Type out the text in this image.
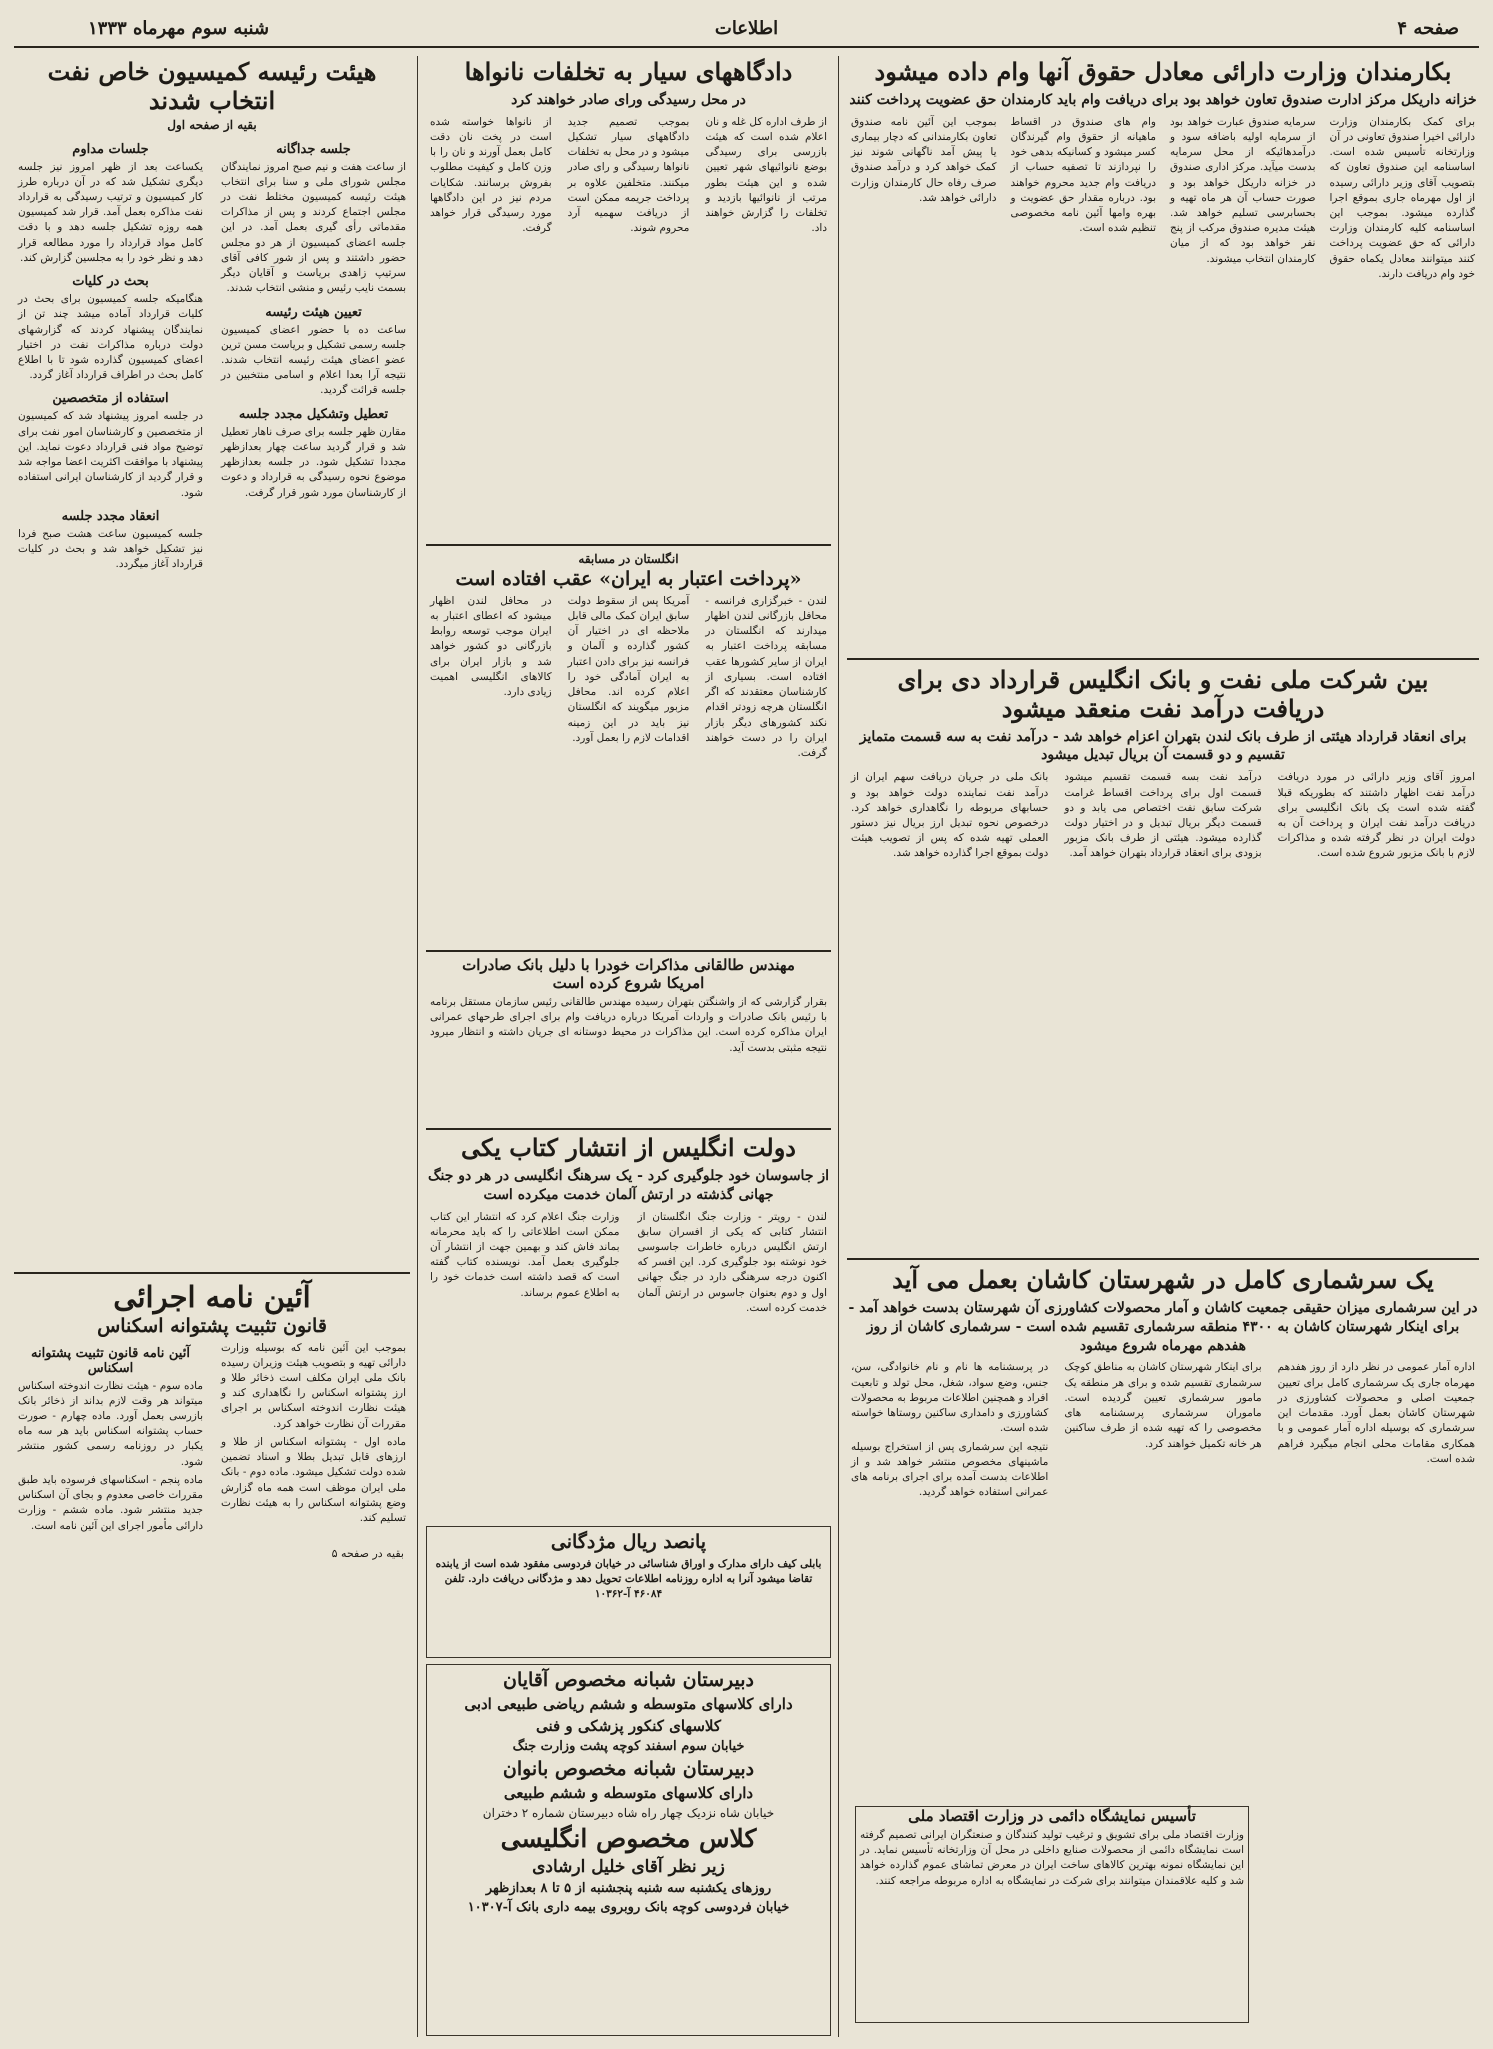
صفحه ۴
اطلاعات
شنبه سوم مهرماه ۱۳۳۳

بکارمندان وزارت دارائی معادل حقوق آنها وام داده میشود

خزانه داریکل مرکز ادارت صندوق تعاون خواهد بود برای دریافت وام باید کارمندان حق عضویت پرداخت کنند

برای کمک بکارمندان وزارت دارائی اخیرا صندوق تعاونی در آن وزارتخانه تأسیس شده است. اساسنامه این صندوق تعاون که بتصویب آقای وزیر دارائی رسیده از اول مهرماه جاری بموقع اجرا گذارده میشود. بموجب این اساسنامه کلیه کارمندان وزارت دارائی که حق عضویت پرداخت کنند میتوانند معادل یکماه حقوق خود وام دریافت دارند.

سرمایه صندوق عبارت خواهد بود از سرمایه اولیه باضافه سود و درآمدهائیکه از محل سرمایه بدست میآید. مرکز اداری صندوق در خزانه داریکل خواهد بود و صورت حساب آن هر ماه تهیه و بحسابرسی تسلیم خواهد شد. هیئت مدیره صندوق مرکب از پنج نفر خواهد بود که از میان کارمندان انتخاب میشوند.

وام های صندوق در اقساط ماهیانه از حقوق وام گیرندگان کسر میشود و کسانیکه بدهی خود را نپردازند تا تصفیه حساب از دریافت وام جدید محروم خواهند بود. درباره مقدار حق عضویت و بهره وامها آئین نامه مخصوصی تنظیم شده است.

بموجب این آئین نامه صندوق تعاون بکارمندانی که دچار بیماری یا پیش آمد ناگهانی شوند نیز کمک خواهد کرد و درآمد صندوق صرف رفاه حال کارمندان وزارت دارائی خواهد شد.

بین شرکت ملی نفت و بانک انگلیس قرارداد دی برای

دریافت درآمد نفت منعقد میشود

برای انعقاد قرارداد هیئتی از طرف بانک لندن بتهران اعزام خواهد شد - درآمد نفت به سه قسمت متمایز تقسیم و دو قسمت آن بریال تبدیل میشود

امروز آقای وزیر دارائی در مورد دریافت درآمد نفت اظهار داشتند که بطوریکه قبلا گفته شده است یک بانک انگلیسی برای دریافت درآمد نفت ایران و پرداخت آن به دولت ایران در نظر گرفته شده و مذاکرات لازم با بانک مزبور شروع شده است.

درآمد نفت بسه قسمت تقسیم میشود قسمت اول برای پرداخت اقساط غرامت شرکت سابق نفت اختصاص می یابد و دو قسمت دیگر بریال تبدیل و در اختیار دولت گذارده میشود. هیئتی از طرف بانک مزبور بزودی برای انعقاد قرارداد بتهران خواهد آمد.

بانک ملی در جریان دریافت سهم ایران از درآمد نفت نماینده دولت خواهد بود و حسابهای مربوطه را نگاهداری خواهد کرد. درخصوص نحوه تبدیل ارز بریال نیز دستور العملی تهیه شده که پس از تصویب هیئت دولت بموقع اجرا گذارده خواهد شد.

یک سرشماری کامل در شهرستان کاشان بعمل می آید

در این سرشماری میزان حقیقی جمعیت کاشان و آمار محصولات کشاورزی آن شهرستان بدست خواهد آمد - برای اینکار شهرستان کاشان به ۴۳۰۰ منطقه سرشماری تقسیم شده است - سرشماری کاشان از روز هفدهم مهرماه شروع میشود

اداره آمار عمومی در نظر دارد از روز هفدهم مهرماه جاری یک سرشماری کامل برای تعیین جمعیت اصلی و محصولات کشاورزی در شهرستان کاشان بعمل آورد. مقدمات این سرشماری که بوسیله اداره آمار عمومی و با همکاری مقامات محلی انجام میگیرد فراهم شده است.

برای اینکار شهرستان کاشان به مناطق کوچک سرشماری تقسیم شده و برای هر منطقه یک مامور سرشماری تعیین گردیده است. ماموران سرشماری پرسشنامه های مخصوصی را که تهیه شده از طرف ساکنین هر خانه تکمیل خواهند کرد.

در پرسشنامه ها نام و نام خانوادگی، سن، جنس، وضع سواد، شغل، محل تولد و تابعیت افراد و همچنین اطلاعات مربوط به محصولات کشاورزی و دامداری ساکنین روستاها خواسته شده است.

نتیجه این سرشماری پس از استخراج بوسیله ماشینهای مخصوص منتشر خواهد شد و از اطلاعات بدست آمده برای اجرای برنامه های عمرانی استفاده خواهد گردید.

تأسیس نمایشگاه دائمی در وزارت اقتصاد ملی

وزارت اقتصاد ملی برای تشویق و ترغیب تولید کنندگان و صنعتگران ایرانی تصمیم گرفته است نمایشگاه دائمی از محصولات صنایع داخلی در محل آن وزارتخانه تأسیس نماید. در این نمایشگاه نمونه بهترین کالاهای ساخت ایران در معرض تماشای عموم گذارده خواهد شد و کلیه علاقمندان میتوانند برای شرکت در نمایشگاه به اداره مربوطه مراجعه کنند.

دادگاههای سیار به تخلفات نانواها

در محل رسیدگی ورای صادر خواهند کرد

از طرف اداره کل غله و نان اعلام شده است که هیئت بازرسی برای رسیدگی بوضع نانوائیهای شهر تعیین شده و این هیئت بطور مرتب از نانوائیها بازدید و تخلفات را گزارش خواهند داد.

بموجب تصمیم جدید دادگاههای سیار تشکیل میشود و در محل به تخلفات نانواها رسیدگی و رای صادر میکنند. متخلفین علاوه بر پرداخت جریمه ممکن است از دریافت سهمیه آرد محروم شوند.

از نانواها خواسته شده است در پخت نان دقت کامل بعمل آورند و نان را با وزن کامل و کیفیت مطلوب بفروش برسانند. شکایات مردم نیز در این دادگاهها مورد رسیدگی قرار خواهد گرفت.

انگلستان در مسابقه

«پرداخت اعتبار به ایران» عقب افتاده است

لندن - خبرگزاری فرانسه - محافل بازرگانی لندن اظهار میدارند که انگلستان در مسابقه پرداخت اعتبار به ایران از سایر کشورها عقب افتاده است. بسیاری از کارشناسان معتقدند که اگر انگلستان هرچه زودتر اقدام نکند کشورهای دیگر بازار ایران را در دست خواهند گرفت.

آمریکا پس از سقوط دولت سابق ایران کمک مالی قابل ملاحظه ای در اختیار آن کشور گذارده و آلمان و فرانسه نیز برای دادن اعتبار به ایران آمادگی خود را اعلام کرده اند. محافل مزبور میگویند که انگلستان نیز باید در این زمینه اقدامات لازم را بعمل آورد.

در محافل لندن اظهار میشود که اعطای اعتبار به ایران موجب توسعه روابط بازرگانی دو کشور خواهد شد و بازار ایران برای کالاهای انگلیسی اهمیت زیادی دارد.

مهندس طالقانی مذاکرات خودرا با دلیل بانک صادرات

امریکا شروع کرده است

بقرار گزارشی که از واشنگتن بتهران رسیده مهندس طالقانی رئیس سازمان مستقل برنامه با رئیس بانک صادرات و واردات آمریکا درباره دریافت وام برای اجرای طرحهای عمرانی ایران مذاکره کرده است. این مذاکرات در محیط دوستانه ای جریان داشته و انتظار میرود نتیجه مثبتی بدست آید.

دولت انگلیس از انتشار کتاب یکی

از جاسوسان خود جلوگیری کرد - یک سرهنگ انگلیسی در هر دو جنگ جهانی گذشته در ارتش آلمان خدمت میکرده است

لندن - رویتر - وزارت جنگ انگلستان از انتشار کتابی که یکی از افسران سابق ارتش انگلیس درباره خاطرات جاسوسی خود نوشته بود جلوگیری کرد. این افسر که اکنون درجه سرهنگی دارد در جنگ جهانی اول و دوم بعنوان جاسوس در ارتش آلمان خدمت کرده است.

وزارت جنگ اعلام کرد که انتشار این کتاب ممکن است اطلاعاتی را که باید محرمانه بماند فاش کند و بهمین جهت از انتشار آن جلوگیری بعمل آمد. نویسنده کتاب گفته است که قصد داشته است خدمات خود را به اطلاع عموم برساند.

پانصد ریال مژدگانی

بابلی کیف دارای مدارک و اوراق شناسائی در خیابان فردوسی مفقود شده است از یابنده تقاضا میشود آنرا به اداره روزنامه اطلاعات تحویل دهد و مژدگانی دریافت دارد. تلفن ۴۶۰۸۴ آ-۱۰۳۶۲

دبیرستان شبانه مخصوص آقایان

دارای کلاسهای متوسطه و ششم ریاضی طبیعی ادبی

کلاسهای کنکور پزشکی و فنی

خیابان سوم اسفند کوچه پشت وزارت جنگ

دبیرستان شبانه مخصوص بانوان

دارای کلاسهای متوسطه و ششم طبیعی

خیابان شاه نزدیک چهار راه شاه دبیرستان شماره ۲ دختران

کلاس مخصوص انگلیسی

زیر نظر آقای خلیل ارشادی

روزهای یکشنبه سه شنبه پنجشنبه از ۵ تا ۸ بعدازظهر

خیابان فردوسی کوچه بانک روبروی بیمه داری بانک آ-۱۰۳۰۷

هیئت رئیسه کمیسیون خاص نفت انتخاب شدند

بقیه از صفحه اول

جلسه جداگانه

از ساعت هفت و نیم صبح امروز نمایندگان مجلس شورای ملی و سنا برای انتخاب هیئت رئیسه کمیسیون مختلط نفت در مجلس اجتماع کردند و پس از مذاکرات مقدماتی رأی گیری بعمل آمد. در این جلسه اعضای کمیسیون از هر دو مجلس حضور داشتند و پس از شور کافی آقای سرتیپ زاهدی بریاست و آقایان دیگر بسمت نایب رئیس و منشی انتخاب شدند.

تعیین هیئت رئیسه

ساعت ده با حضور اعضای کمیسیون جلسه رسمی تشکیل و بریاست مسن ترین عضو اعضای هیئت رئیسه انتخاب شدند. نتیجه آرا بعدا اعلام و اسامی منتخبین در جلسه قرائت گردید.

تعطیل وتشکیل مجدد جلسه

مقارن ظهر جلسه برای صرف ناهار تعطیل شد و قرار گردید ساعت چهار بعدازظهر مجددا تشکیل شود. در جلسه بعدازظهر موضوع نحوه رسیدگی به قرارداد و دعوت از کارشناسان مورد شور قرار گرفت.

جلسات مداوم

یکساعت بعد از ظهر امروز نیز جلسه دیگری تشکیل شد که در آن درباره طرز کار کمیسیون و ترتیب رسیدگی به قرارداد نفت مذاکره بعمل آمد. قرار شد کمیسیون همه روزه تشکیل جلسه دهد و با دقت کامل مواد قرارداد را مورد مطالعه قرار دهد و نظر خود را به مجلسین گزارش کند.

بحث در کلیات

هنگامیکه جلسه کمیسیون برای بحث در کلیات قرارداد آماده میشد چند تن از نمایندگان پیشنهاد کردند که گزارشهای دولت درباره مذاکرات نفت در اختیار اعضای کمیسیون گذارده شود تا با اطلاع کامل بحث در اطراف قرارداد آغاز گردد.

استفاده از متخصصین

در جلسه امروز پیشنهاد شد که کمیسیون از متخصصین و کارشناسان امور نفت برای توضیح مواد فنی قرارداد دعوت نماید. این پیشنهاد با موافقت اکثریت اعضا مواجه شد و قرار گردید از کارشناسان ایرانی استفاده شود.

انعقاد مجدد جلسه

جلسه کمیسیون ساعت هشت صبح فردا نیز تشکیل خواهد شد و بحث در کلیات قرارداد آغاز میگردد.

آئین نامه اجرائی

قانون تثبیت پشتوانه اسکناس

بموجب این آئین نامه که بوسیله وزارت دارائی تهیه و بتصویب هیئت وزیران رسیده بانک ملی ایران مکلف است ذخائر طلا و ارز پشتوانه اسکناس را نگاهداری کند و هیئت نظارت اندوخته اسکناس بر اجرای مقررات آن نظارت خواهد کرد.

ماده اول - پشتوانه اسکناس از طلا و ارزهای قابل تبدیل بطلا و اسناد تضمین شده دولت تشکیل میشود. ماده دوم - بانک ملی ایران موظف است همه ماه گزارش وضع پشتوانه اسکناس را به هیئت نظارت تسلیم کند.

آئین نامه قانون تثبیت پشتوانه اسکناس

ماده سوم - هیئت نظارت اندوخته اسکناس میتواند هر وقت لازم بداند از ذخائر بانک بازرسی بعمل آورد. ماده چهارم - صورت حساب پشتوانه اسکناس باید هر سه ماه یکبار در روزنامه رسمی کشور منتشر شود.

ماده پنجم - اسکناسهای فرسوده باید طبق مقررات خاصی معدوم و بجای آن اسکناس جدید منتشر شود. ماده ششم - وزارت دارائی مأمور اجرای این آئین نامه است.

بقیه در صفحه ۵
